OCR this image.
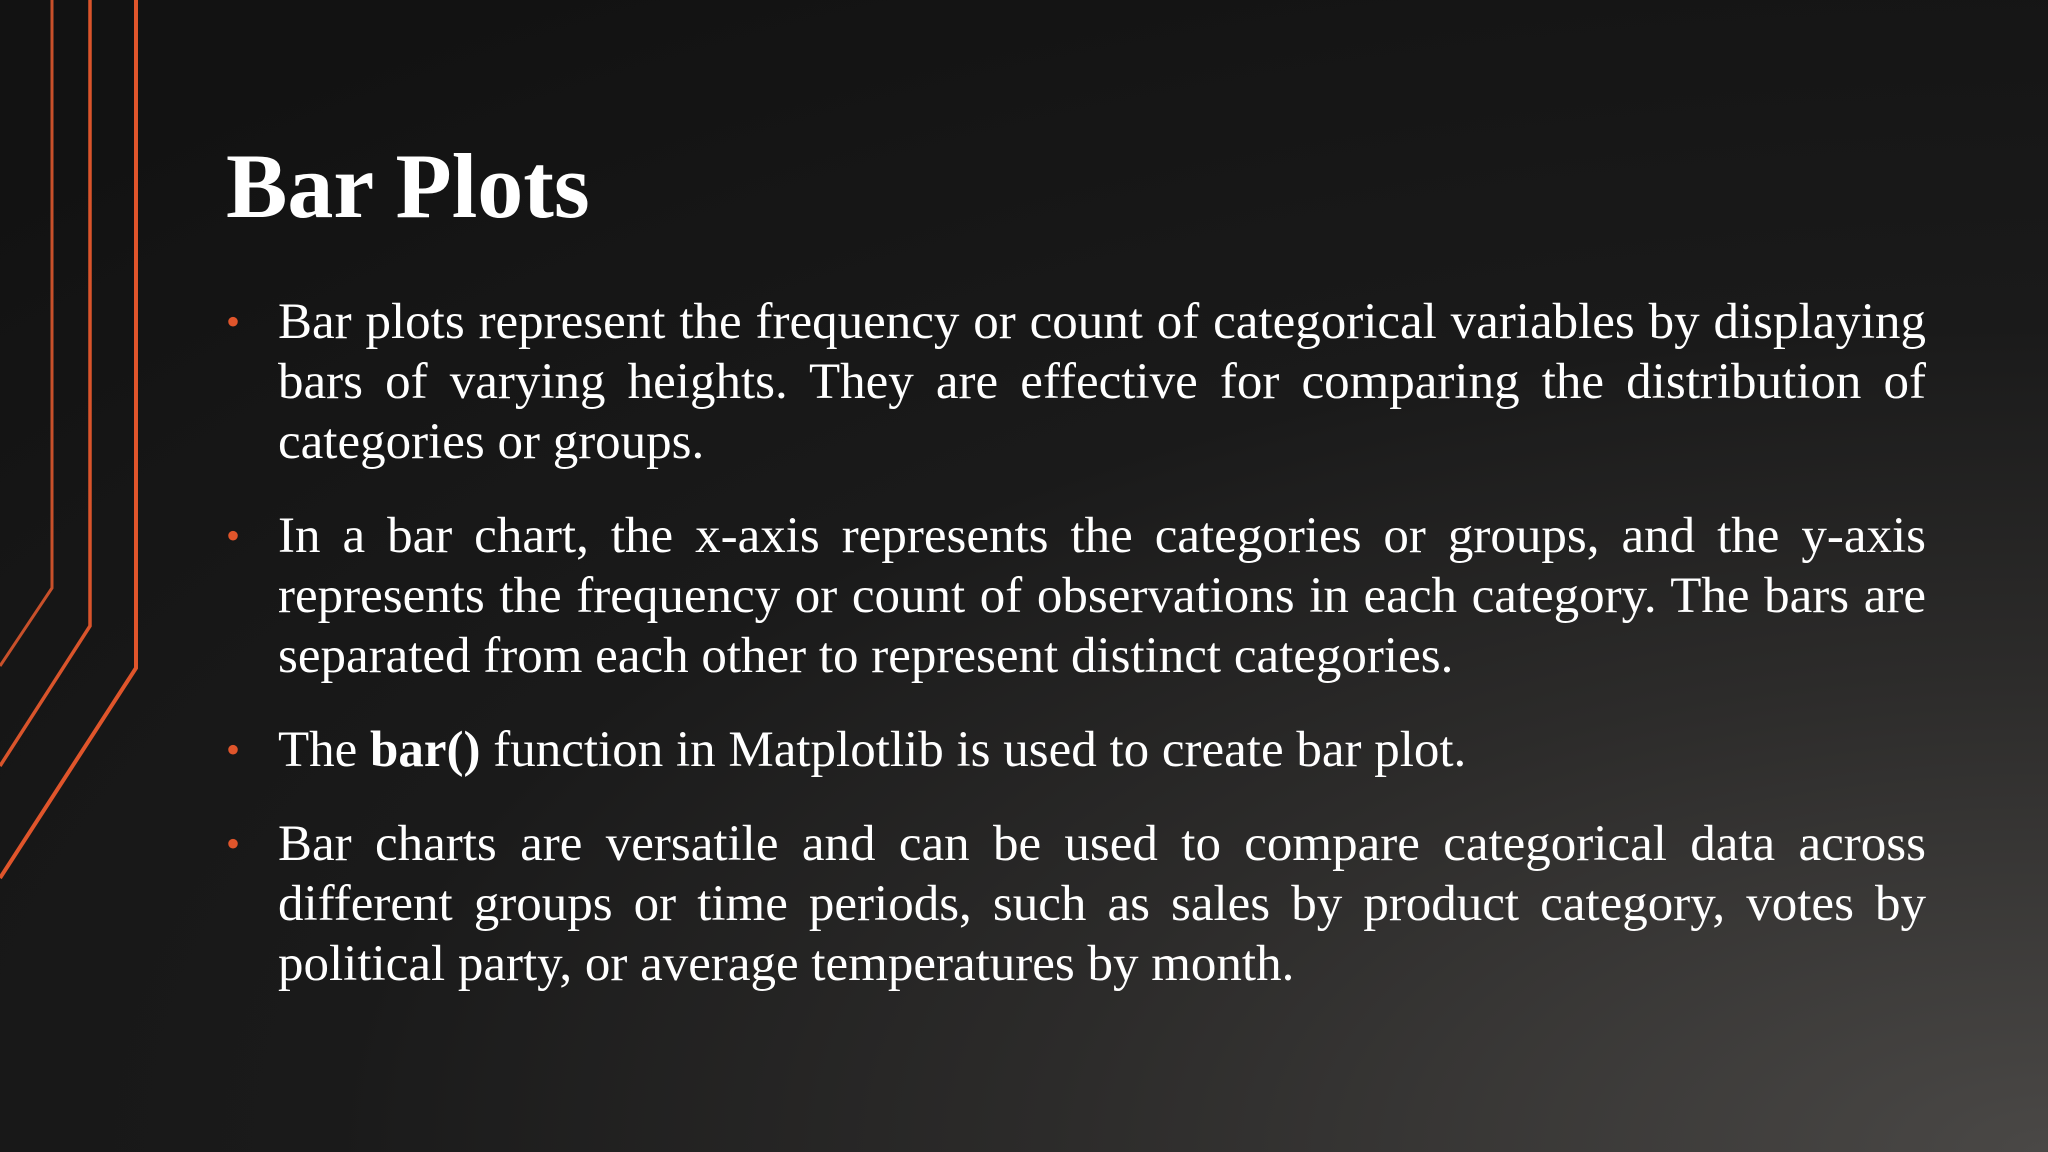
Bar Plots
• Bar plots represent the frequency or count of categorical variables by displaying bars of varying heights. They are effective for comparing the distribution of categories or groups.
• In a bar chart, the x-axis represents the categories or groups, and the y-axis represents the frequency or count of observations in each category. The bars are separated from each other to represent distinct categories.
• The bar() function in Matplotlib is used to create bar plot.
• Bar charts are versatile and can be used to compare categorical data across different groups or time periods, such as sales by product category, votes by political party, or average temperatures by month.
